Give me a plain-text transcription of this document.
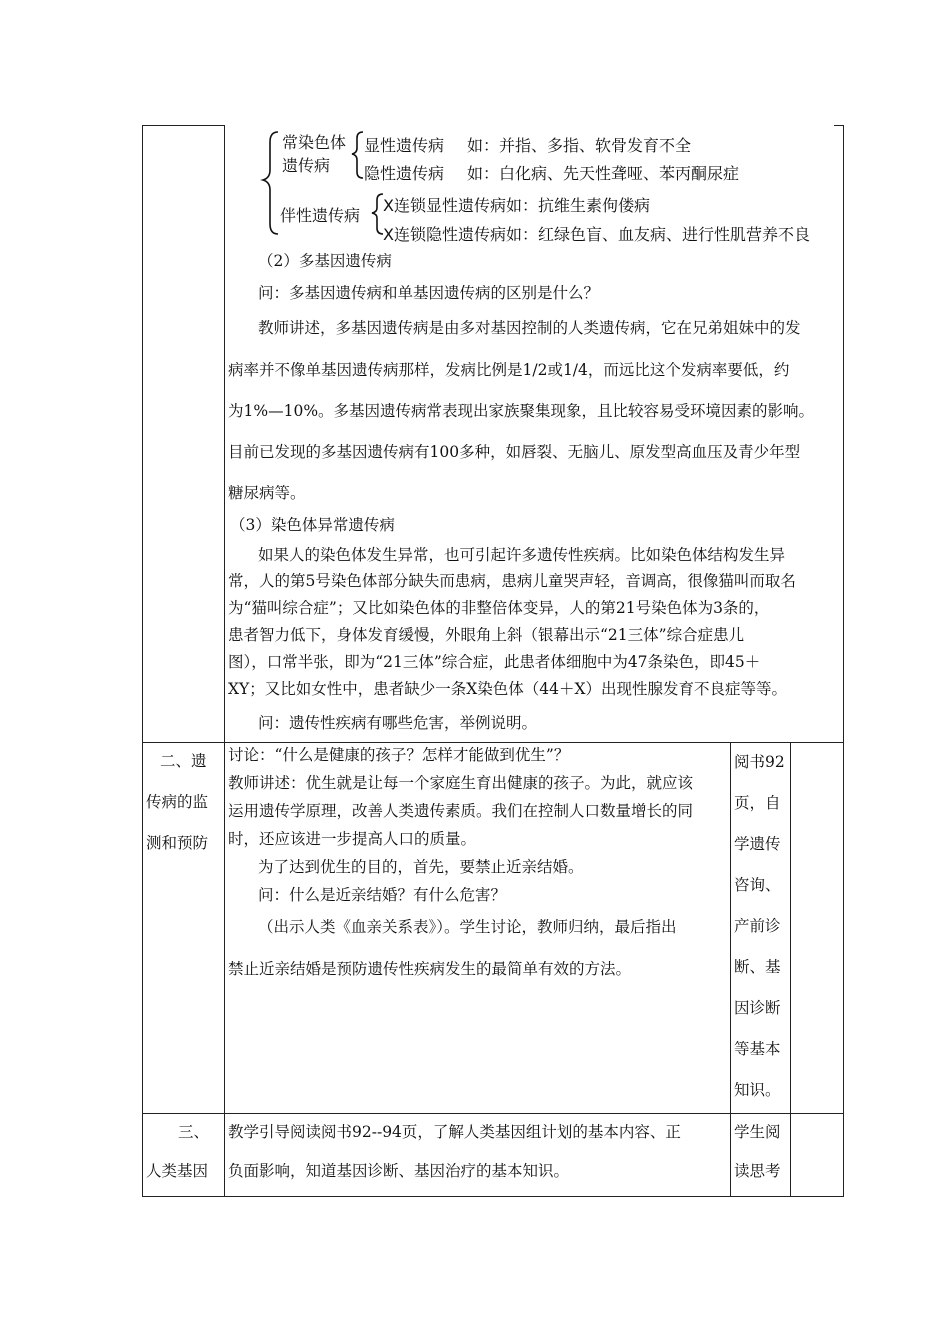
常染色体
遗传病
显性遗传病 如：并指、多指、软骨发育不全
隐性遗传病 如：白化病、先天性聋哑、苯丙酮尿症
伴性遗传病
X连锁显性遗传病如：抗维生素佝偻病
X连锁隐性遗传病如：红绿色盲、血友病、进行性肌营养不良
（2）多基因遗传病
问：多基因遗传病和单基因遗传病的区别是什么？
教师讲述，多基因遗传病是由多对基因控制的人类遗传病，它在兄弟姐妹中的发
病率并不像单基因遗传病那样，发病比例是1/2或1/4，而远比这个发病率要低，约
为1%—10%。多基因遗传病常表现出家族聚集现象，且比较容易受环境因素的影响。
目前已发现的多基因遗传病有100多种，如唇裂、无脑儿、原发型高血压及青少年型
糖尿病等。
（3）染色体异常遗传病
如果人的染色体发生异常，也可引起许多遗传性疾病。比如染色体结构发生异
常，人的第5号染色体部分缺失而患病，患病儿童哭声轻，音调高，很像猫叫而取名
为“猫叫综合症”；又比如染色体的非整倍体变异，人的第21号染色体为3条的，
患者智力低下，身体发育缓慢，外眼角上斜（银幕出示“21三体”综合症患儿
图），口常半张，即为“21三体”综合症，此患者体细胞中为47条染色，即45＋
XY；又比如女性中，患者缺少一条X染色体（44＋X）出现性腺发育不良症等等。
问：遗传性疾病有哪些危害，举例说明。
二、遗
传病的监
测和预防
讨论：“什么是健康的孩子？怎样才能做到优生”？
教师讲述：优生就是让每一个家庭生育出健康的孩子。为此，就应该
运用遗传学原理，改善人类遗传素质。我们在控制人口数量增长的同
时，还应该进一步提高人口的质量。
为了达到优生的目的，首先，要禁止近亲结婚。
问：什么是近亲结婚？有什么危害？
（出示人类《血亲关系表》）。学生讨论，教师归纳，最后指出
禁止近亲结婚是预防遗传性疾病发生的最简单有效的方法。
阅书92
页，自
学遗传
咨询、
产前诊
断、基
因诊断
等基本
知识。
三、
人类基因
教学引导阅读阅书92--94页，了解人类基因组计划的基本内容、正
负面影响，知道基因诊断、基因治疗的基本知识。
学生阅
读思考
